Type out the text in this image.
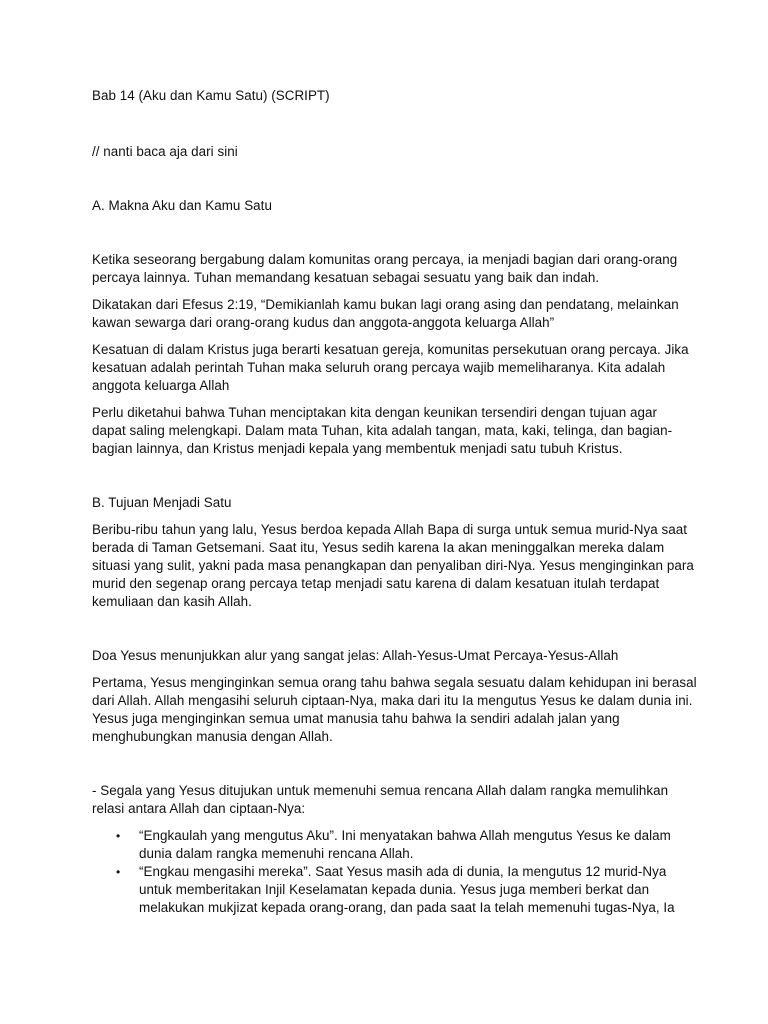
Bab 14 (Aku dan Kamu Satu) (SCRIPT)
// nanti baca aja dari sini
A. Makna Aku dan Kamu Satu
Ketika seseorang bergabung dalam komunitas orang percaya, ia menjadi bagian dari orang-orang
percaya lainnya. Tuhan memandang kesatuan sebagai sesuatu yang baik dan indah.
Dikatakan dari Efesus 2:19, “Demikianlah kamu bukan lagi orang asing dan pendatang, melainkan
kawan sewarga dari orang-orang kudus dan anggota-anggota keluarga Allah”
Kesatuan di dalam Kristus juga berarti kesatuan gereja, komunitas persekutuan orang percaya. Jika
kesatuan adalah perintah Tuhan maka seluruh orang percaya wajib memeliharanya. Kita adalah
anggota keluarga Allah
Perlu diketahui bahwa Tuhan menciptakan kita dengan keunikan tersendiri dengan tujuan agar
dapat saling melengkapi. Dalam mata Tuhan, kita adalah tangan, mata, kaki, telinga, dan bagian-
bagian lainnya, dan Kristus menjadi kepala yang membentuk menjadi satu tubuh Kristus.
B. Tujuan Menjadi Satu
Beribu-ribu tahun yang lalu, Yesus berdoa kepada Allah Bapa di surga untuk semua murid-Nya saat
berada di Taman Getsemani. Saat itu, Yesus sedih karena Ia akan meninggalkan mereka dalam
situasi yang sulit, yakni pada masa penangkapan dan penyaliban diri-Nya. Yesus menginginkan para
murid den segenap orang percaya tetap menjadi satu karena di dalam kesatuan itulah terdapat
kemuliaan dan kasih Allah.
Doa Yesus menunjukkan alur yang sangat jelas: Allah-Yesus-Umat Percaya-Yesus-Allah
Pertama, Yesus menginginkan semua orang tahu bahwa segala sesuatu dalam kehidupan ini berasal
dari Allah. Allah mengasihi seluruh ciptaan-Nya, maka dari itu Ia mengutus Yesus ke dalam dunia ini.
Yesus juga menginginkan semua umat manusia tahu bahwa Ia sendiri adalah jalan yang
menghubungkan manusia dengan Allah.
- Segala yang Yesus ditujukan untuk memenuhi semua rencana Allah dalam rangka memulihkan
relasi antara Allah dan ciptaan-Nya:
• “Engkaulah yang mengutus Aku”. Ini menyatakan bahwa Allah mengutus Yesus ke dalam
dunia dalam rangka memenuhi rencana Allah.
• “Engkau mengasihi mereka”. Saat Yesus masih ada di dunia, Ia mengutus 12 murid-Nya
untuk memberitakan Injil Keselamatan kepada dunia. Yesus juga memberi berkat dan
melakukan mukjizat kepada orang-orang, dan pada saat Ia telah memenuhi tugas-Nya, Ia
